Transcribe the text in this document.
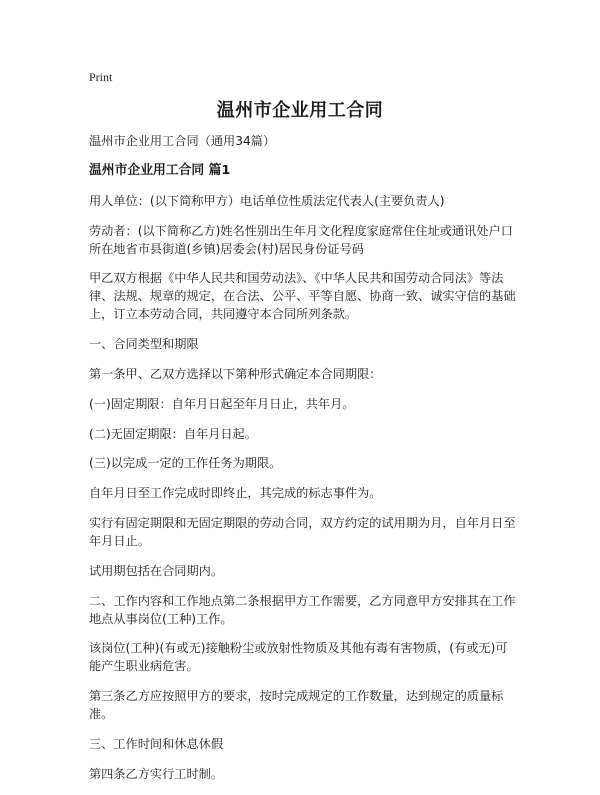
Print
温州市企业用工合同

温州市企业用工合同（通用34篇）

温州市企业用工合同 篇1

用人单位：(以下简称甲方）电话单位性质法定代表人(主要负责人)

劳动者：(以下简称乙方)姓名性别出生年月文化程度家庭常住住址或通讯处户口所在地省市县街道(乡镇)居委会(村)居民身份证号码

甲乙双方根据《中华人民共和国劳动法》、《中华人民共和国劳动合同法》等法律、法规、规章的规定，在合法、公平、平等自愿、协商一致、诚实守信的基础上，订立本劳动合同，共同遵守本合同所列条款。

一、合同类型和期限

第一条甲、乙双方选择以下第种形式确定本合同期限：

(一)固定期限：自年月日起至年月日止，共年月。

(二)无固定期限：自年月日起。

(三)以完成一定的工作任务为期限。

自年月日至工作完成时即终止，其完成的标志事件为。

实行有固定期限和无固定期限的劳动合同，双方约定的试用期为月，自年月日至年月日止。

试用期包括在合同期内。

二、工作内容和工作地点第二条根据甲方工作需要，乙方同意甲方安排其在工作地点从事岗位(工种)工作。

该岗位(工种)(有或无)接触粉尘或放射性物质及其他有毒有害物质，(有或无)可能产生职业病危害。

第三条乙方应按照甲方的要求，按时完成规定的工作数量，达到规定的质量标准。

三、工作时间和休息休假

第四条乙方实行工时制。
